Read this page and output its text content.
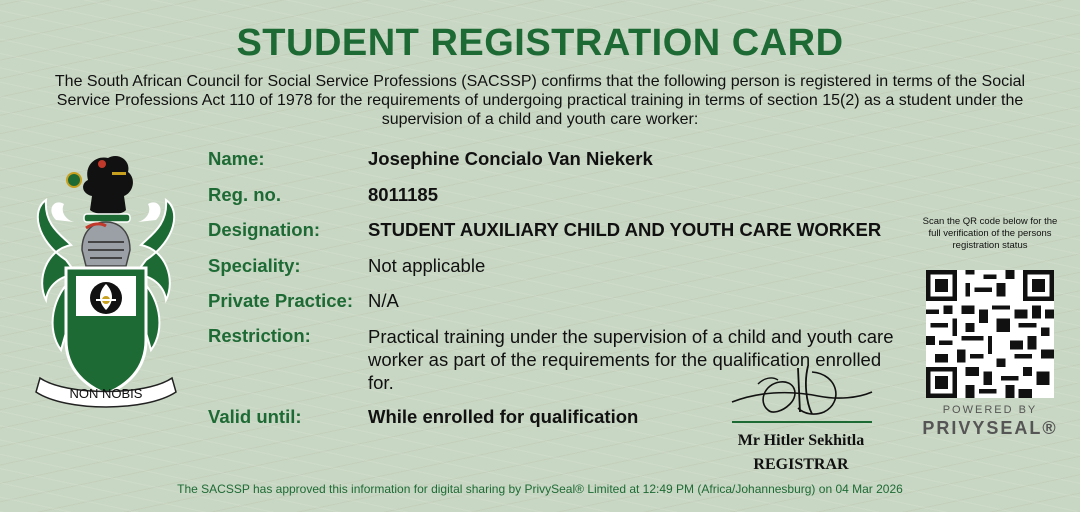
STUDENT REGISTRATION CARD
The South African Council for Social Service Professions (SACSSP) confirms that the following person is registered in terms of the Social Service Professions Act 110 of 1978 for the requirements of undergoing practical training in terms of section 15(2) as a student under the supervision of a child and youth care worker:
NON NOBIS
Name:	Josephine Concialo Van Niekerk
Reg. no.	8011185
Designation:	STUDENT AUXILIARY CHILD AND YOUTH CARE WORKER
Speciality:	Not applicable
Private Practice: N/A
Restriction:	Practical training under the supervision of a child and youth care worker as part of the requirements for the qualification enrolled for.
Valid until:	While enrolled for qualification
Mr Hitler Sekhitla
REGISTRAR
Scan the QR code below for the full verification of the persons registration status
POWERED BY
PRIVYSEAL®
The SACSSP has approved this information for digital sharing by PrivySeal® Limited at 12:49 PM (Africa/Johannesburg) on 04 Mar 2026
